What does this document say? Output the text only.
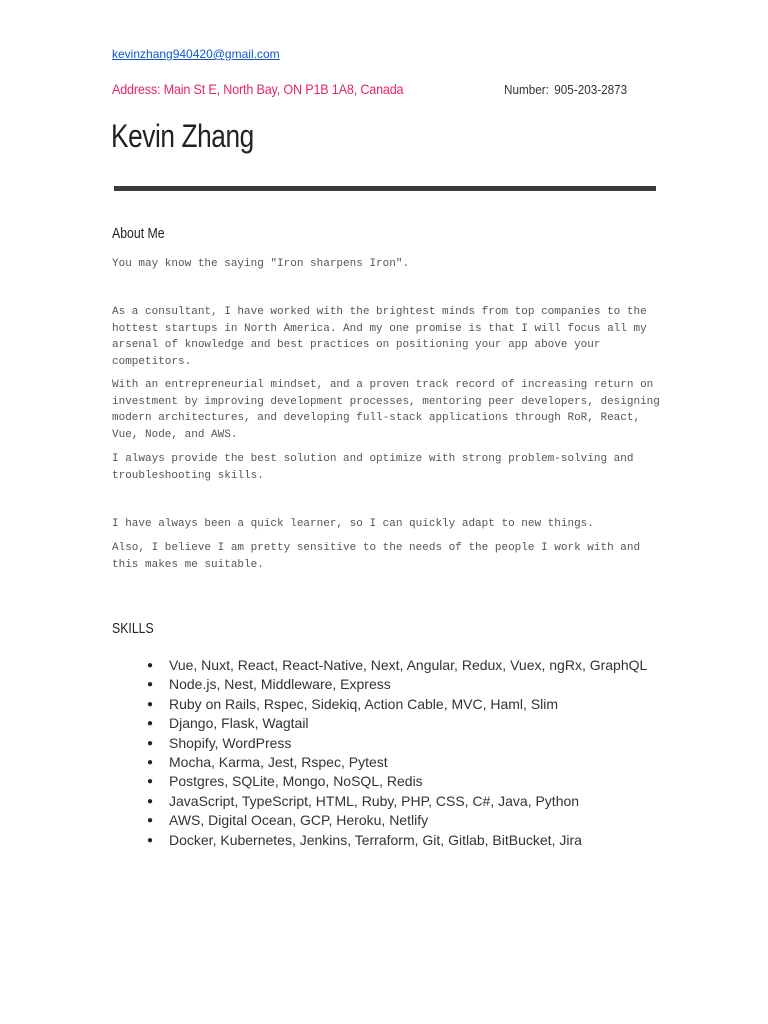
kevinzhang940420@gmail.com
Address: Main St E, North Bay, ON P1B 1A8, Canada	Number: 905-203-2873
Kevin Zhang
About Me

You may know the saying "Iron sharpens Iron".

As a consultant, I have worked with the brightest minds from top companies to the hottest startups in North America. And my one promise is that I will focus all my arsenal of knowledge and best practices on positioning your app above your competitors.

With an entrepreneurial mindset, and a proven track record of increasing return on investment by improving development processes, mentoring peer developers, designing modern architectures, and developing full-stack applications through RoR, React, Vue, Node, and AWS.

I always provide the best solution and optimize with strong problem-solving and troubleshooting skills.

I have always been a quick learner, so I can quickly adapt to new things.

Also, I believe I am pretty sensitive to the needs of the people I work with and this makes me suitable.

SKILLS
● Vue, Nuxt, React, React-Native, Next, Angular, Redux, Vuex, ngRx, GraphQL
● Node.js, Nest, Middleware, Express
● Ruby on Rails, Rspec, Sidekiq, Action Cable, MVC, Haml, Slim
● Django, Flask, Wagtail
● Shopify, WordPress
● Mocha, Karma, Jest, Rspec, Pytest
● Postgres, SQLite, Mongo, NoSQL, Redis
● JavaScript, TypeScript, HTML, Ruby, PHP, CSS, C#, Java, Python
● AWS, Digital Ocean, GCP, Heroku, Netlify
● Docker, Kubernetes, Jenkins, Terraform, Git, Gitlab, BitBucket, Jira
